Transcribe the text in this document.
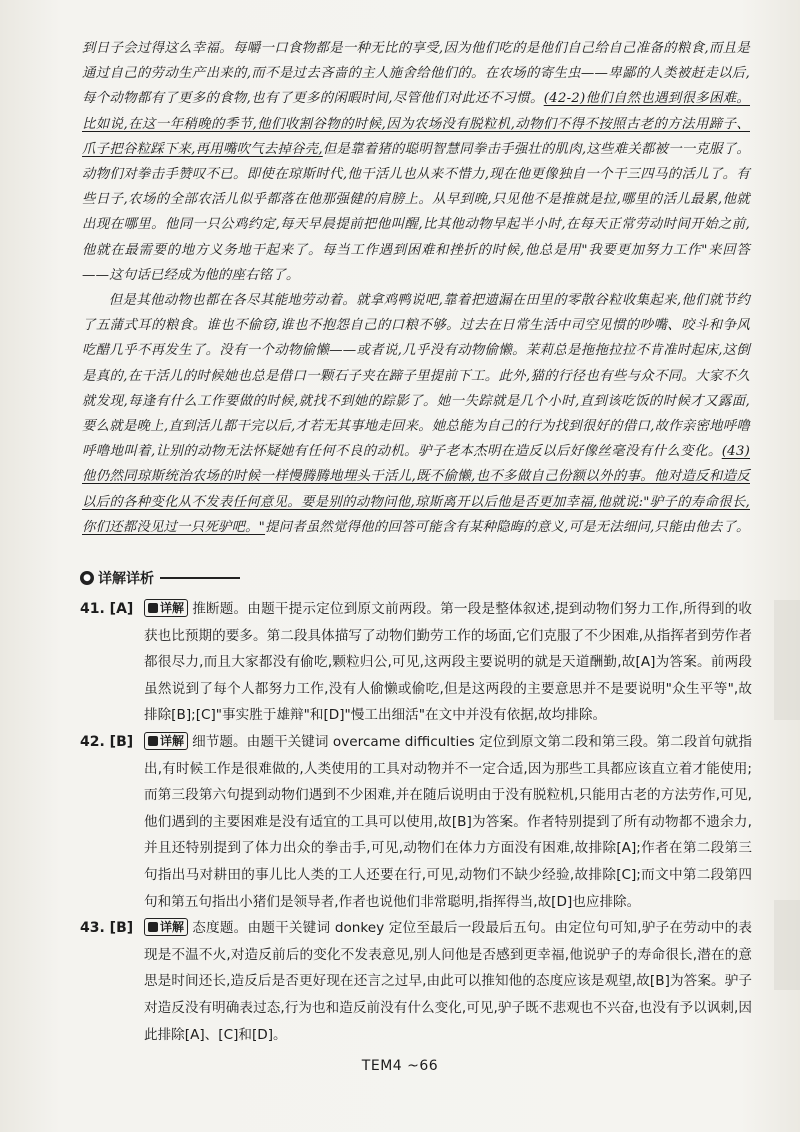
到日子会过得这么幸福。每嚼一口食物都是一种无比的享受,因为他们吃的是他们自己给自己准备的粮食,而且是通过自己的劳动生产出来的,而不是过去吝啬的主人施舍给他们的。在农场的寄生虫——卑鄙的人类被赶走以后,每个动物都有了更多的食物,也有了更多的闲暇时间,尽管他们对此还不习惯。(42-2)他们自然也遇到很多困难。比如说,在这一年稍晚的季节,他们收割谷物的时候,因为农场没有脱粒机,动物们不得不按照古老的方法用蹄子、爪子把谷粒踩下来,再用嘴吹气去掉谷壳,但是靠着猪的聪明智慧同拳击手强壮的肌肉,这些难关都被一一克服了。动物们对拳击手赞叹不已。即使在琼斯时代,他干活儿也从来不惜力,现在他更像独自一个干三四马的活儿了。有些日子,农场的全部农活儿似乎都落在他那强健的肩膀上。从早到晚,只见他不是推就是拉,哪里的活儿最累,他就出现在哪里。他同一只公鸡约定,每天早晨提前把他叫醒,比其他动物早起半小时,在每天正常劳动时间开始之前,他就在最需要的地方义务地干起来了。每当工作遇到困难和挫折的时候,他总是用"我要更加努力工作"来回答——这句话已经成为他的座右铭了。

但是其他动物也都在各尽其能地劳动着。就拿鸡鸭说吧,靠着把遗漏在田里的零散谷粒收集起来,他们就节约了五蒲式耳的粮食。谁也不偷窃,谁也不抱怨自己的口粮不够。过去在日常生活中司空见惯的吵嘴、咬斗和争风吃醋几乎不再发生了。没有一个动物偷懒——或者说,几乎没有动物偷懒。茉莉总是拖拖拉拉不肯准时起床,这倒是真的,在干活儿的时候她也总是借口一颗石子夹在蹄子里提前下工。此外,猫的行径也有些与众不同。大家不久就发现,每逢有什么工作要做的时候,就找不到她的踪影了。她一失踪就是几个小时,直到该吃饭的时候才又露面,要么就是晚上,直到活儿都干完以后,才若无其事地走回来。她总能为自己的行为找到很好的借口,故作亲密地呼噜呼噜地叫着,让别的动物无法怀疑她有任何不良的动机。驴子老本杰明在造反以后好像丝毫没有什么变化。(43)他仍然同琼斯统治农场的时候一样慢腾腾地埋头干活儿,既不偷懒,也不多做自己份额以外的事。他对造反和造反以后的各种变化从不发表任何意见。要是别的动物问他,琼斯离开以后他是否更加幸福,他就说:"驴子的寿命很长,你们还都没见过一只死驴吧。"提问者虽然觉得他的回答可能含有某种隐晦的意义,可是无法细问,只能由他去了。

● 详解详析
41. [A]	详解 推断题。由题干提示定位到原文前两段。第一段是整体叙述,提到动物们努力工作,所得到的收获也比预期的要多。第二段具体描写了动物们勤劳工作的场面,它们克服了不少困难,从指挥者到劳作者都很尽力,而且大家都没有偷吃,颗粒归公,可见,这两段主要说明的就是天道酬勤,故[A]为答案。前两段虽然说到了每个人都努力工作,没有人偷懒或偷吃,但是这两段的主要意思并不是要说明"众生平等",故排除[B];[C]"事实胜于雄辩"和[D]"慢工出细活"在文中并没有依据,故均排除。
42. [B]	详解 细节题。由题干关键词 overcame difficulties 定位到原文第二段和第三段。第二段首句就指出,有时候工作是很难做的,人类使用的工具对动物并不一定合适,因为那些工具都应该直立着才能使用;而第三段第六句提到动物们遇到不少困难,并在随后说明由于没有脱粒机,只能用古老的方法劳作,可见,他们遇到的主要困难是没有适宜的工具可以使用,故[B]为答案。作者特别提到了所有动物都不遗余力,并且还特别提到了体力出众的拳击手,可见,动物们在体力方面没有困难,故排除[A];作者在第二段第三句指出马对耕田的事儿比人类的工人还要在行,可见,动物们不缺少经验,故排除[C];而文中第二段第四句和第五句指出小猪们是领导者,作者也说他们非常聪明,指挥得当,故[D]也应排除。
43. [B]	详解 态度题。由题干关键词 donkey 定位至最后一段最后五句。由定位句可知,驴子在劳动中的表现是不温不火,对造反前后的变化不发表意见,别人问他是否感到更幸福,他说驴子的寿命很长,潜在的意思是时间还长,造反后是否更好现在还言之过早,由此可以推知他的态度应该是观望,故[B]为答案。驴子对造反没有明确表过态,行为也和造反前没有什么变化,可见,驴子既不悲观也不兴奋,也没有予以讽刺,因此排除[A]、[C]和[D]。
TEM4 ~66
